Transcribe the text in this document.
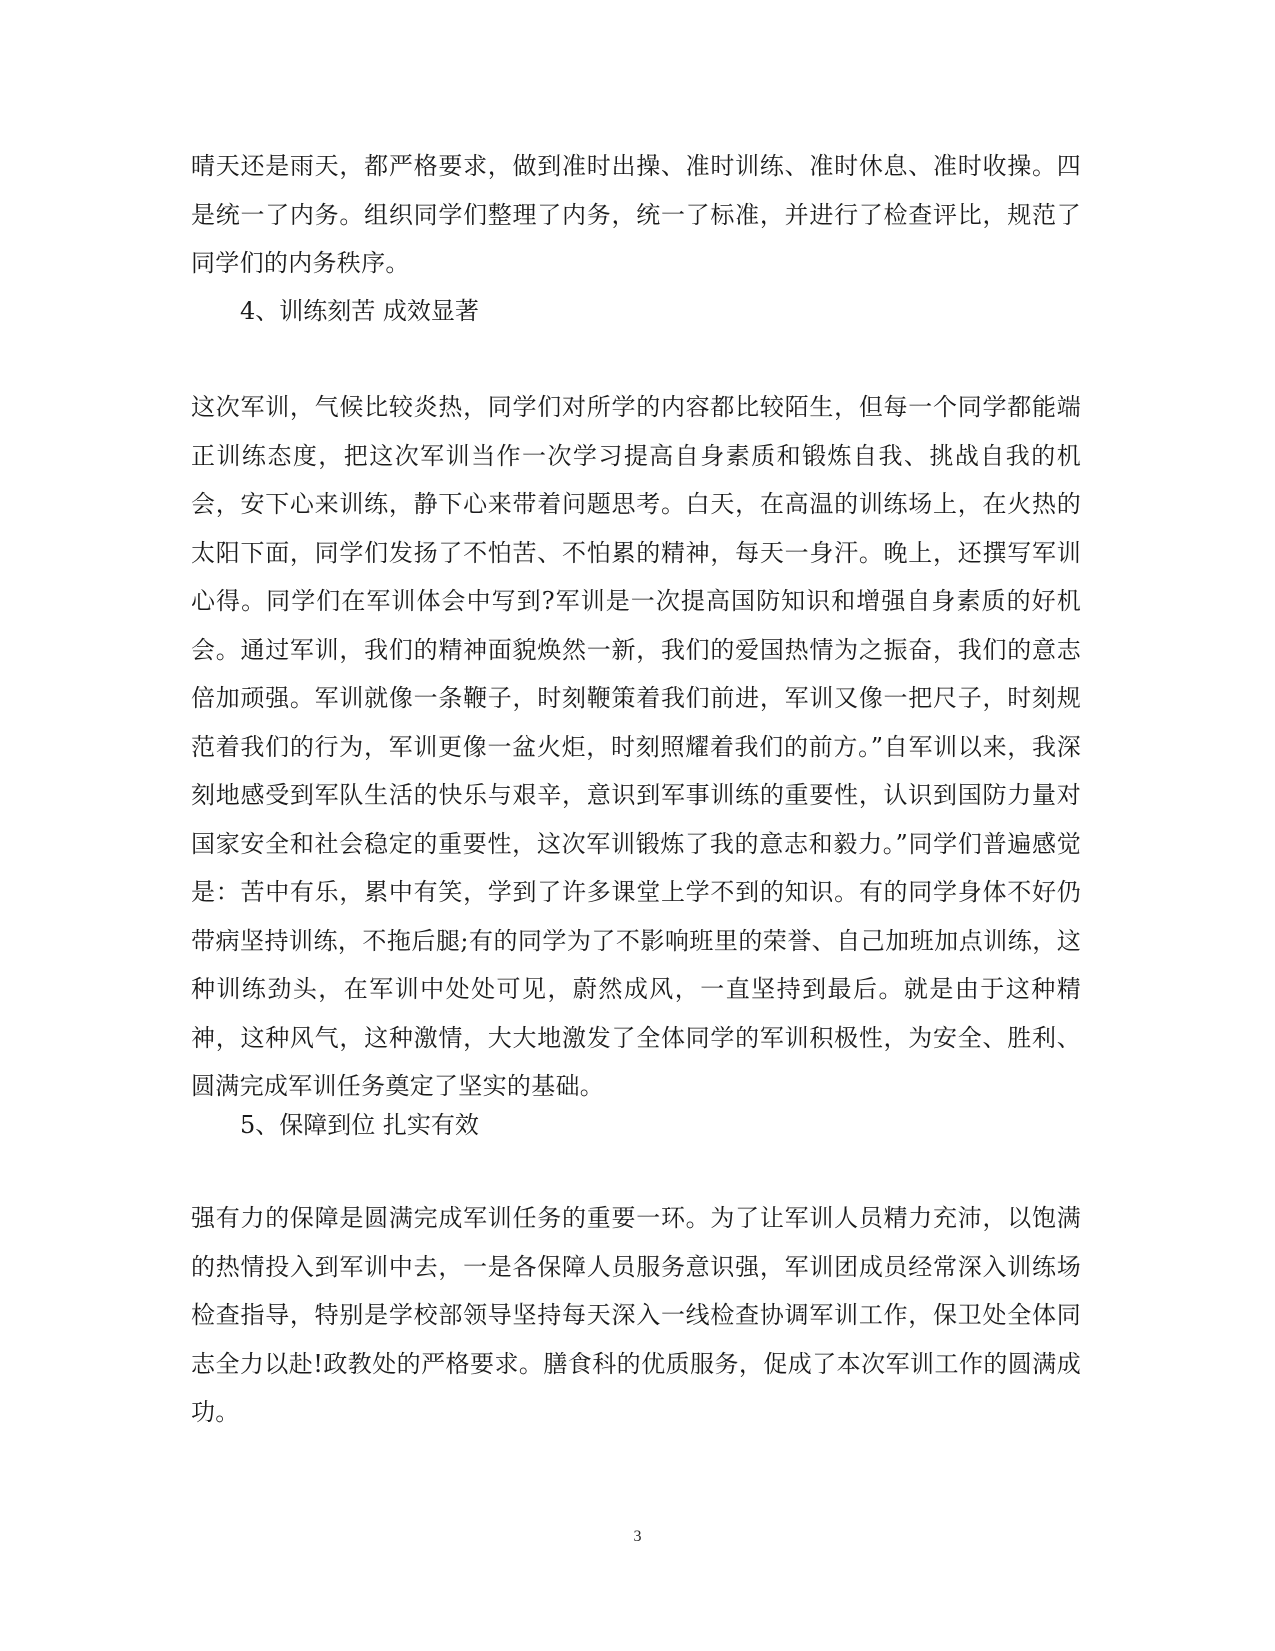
晴天还是雨天，都严格要求，做到准时出操、准时训练、准时休息、准时收操。四是统一了内务。组织同学们整理了内务，统一了标准，并进行了检查评比，规范了同学们的内务秩序。

4、训练刻苦 成效显著

这次军训，气候比较炎热，同学们对所学的内容都比较陌生，但每一个同学都能端正训练态度，把这次军训当作一次学习提高自身素质和锻炼自我、挑战自我的机会，安下心来训练，静下心来带着问题思考。白天，在高温的训练场上，在火热的太阳下面，同学们发扬了不怕苦、不怕累的精神，每天一身汗。晚上，还撰写军训心得。同学们在军训体会中写到?军训是一次提高国防知识和增强自身素质的好机会。通过军训，我们的精神面貌焕然一新，我们的爱国热情为之振奋，我们的意志倍加顽强。军训就像一条鞭子，时刻鞭策着我们前进，军训又像一把尺子，时刻规范着我们的行为，军训更像一盆火炬，时刻照耀着我们的前方。”自军训以来，我深刻地感受到军队生活的快乐与艰辛，意识到军事训练的重要性，认识到国防力量对国家安全和社会稳定的重要性，这次军训锻炼了我的意志和毅力。”同学们普遍感觉是：苦中有乐，累中有笑，学到了许多课堂上学不到的知识。有的同学身体不好仍带病坚持训练，不拖后腿;有的同学为了不影响班里的荣誉、自己加班加点训练，这种训练劲头，在军训中处处可见，蔚然成风，一直坚持到最后。就是由于这种精神，这种风气，这种激情，大大地激发了全体同学的军训积极性，为安全、胜利、圆满完成军训任务奠定了坚实的基础。

5、保障到位 扎实有效

强有力的保障是圆满完成军训任务的重要一环。为了让军训人员精力充沛，以饱满的热情投入到军训中去，一是各保障人员服务意识强，军训团成员经常深入训练场检查指导，特别是学校部领导坚持每天深入一线检查协调军训工作，保卫处全体同志全力以赴!政教处的严格要求。膳食科的优质服务，促成了本次军训工作的圆满成功。

3
